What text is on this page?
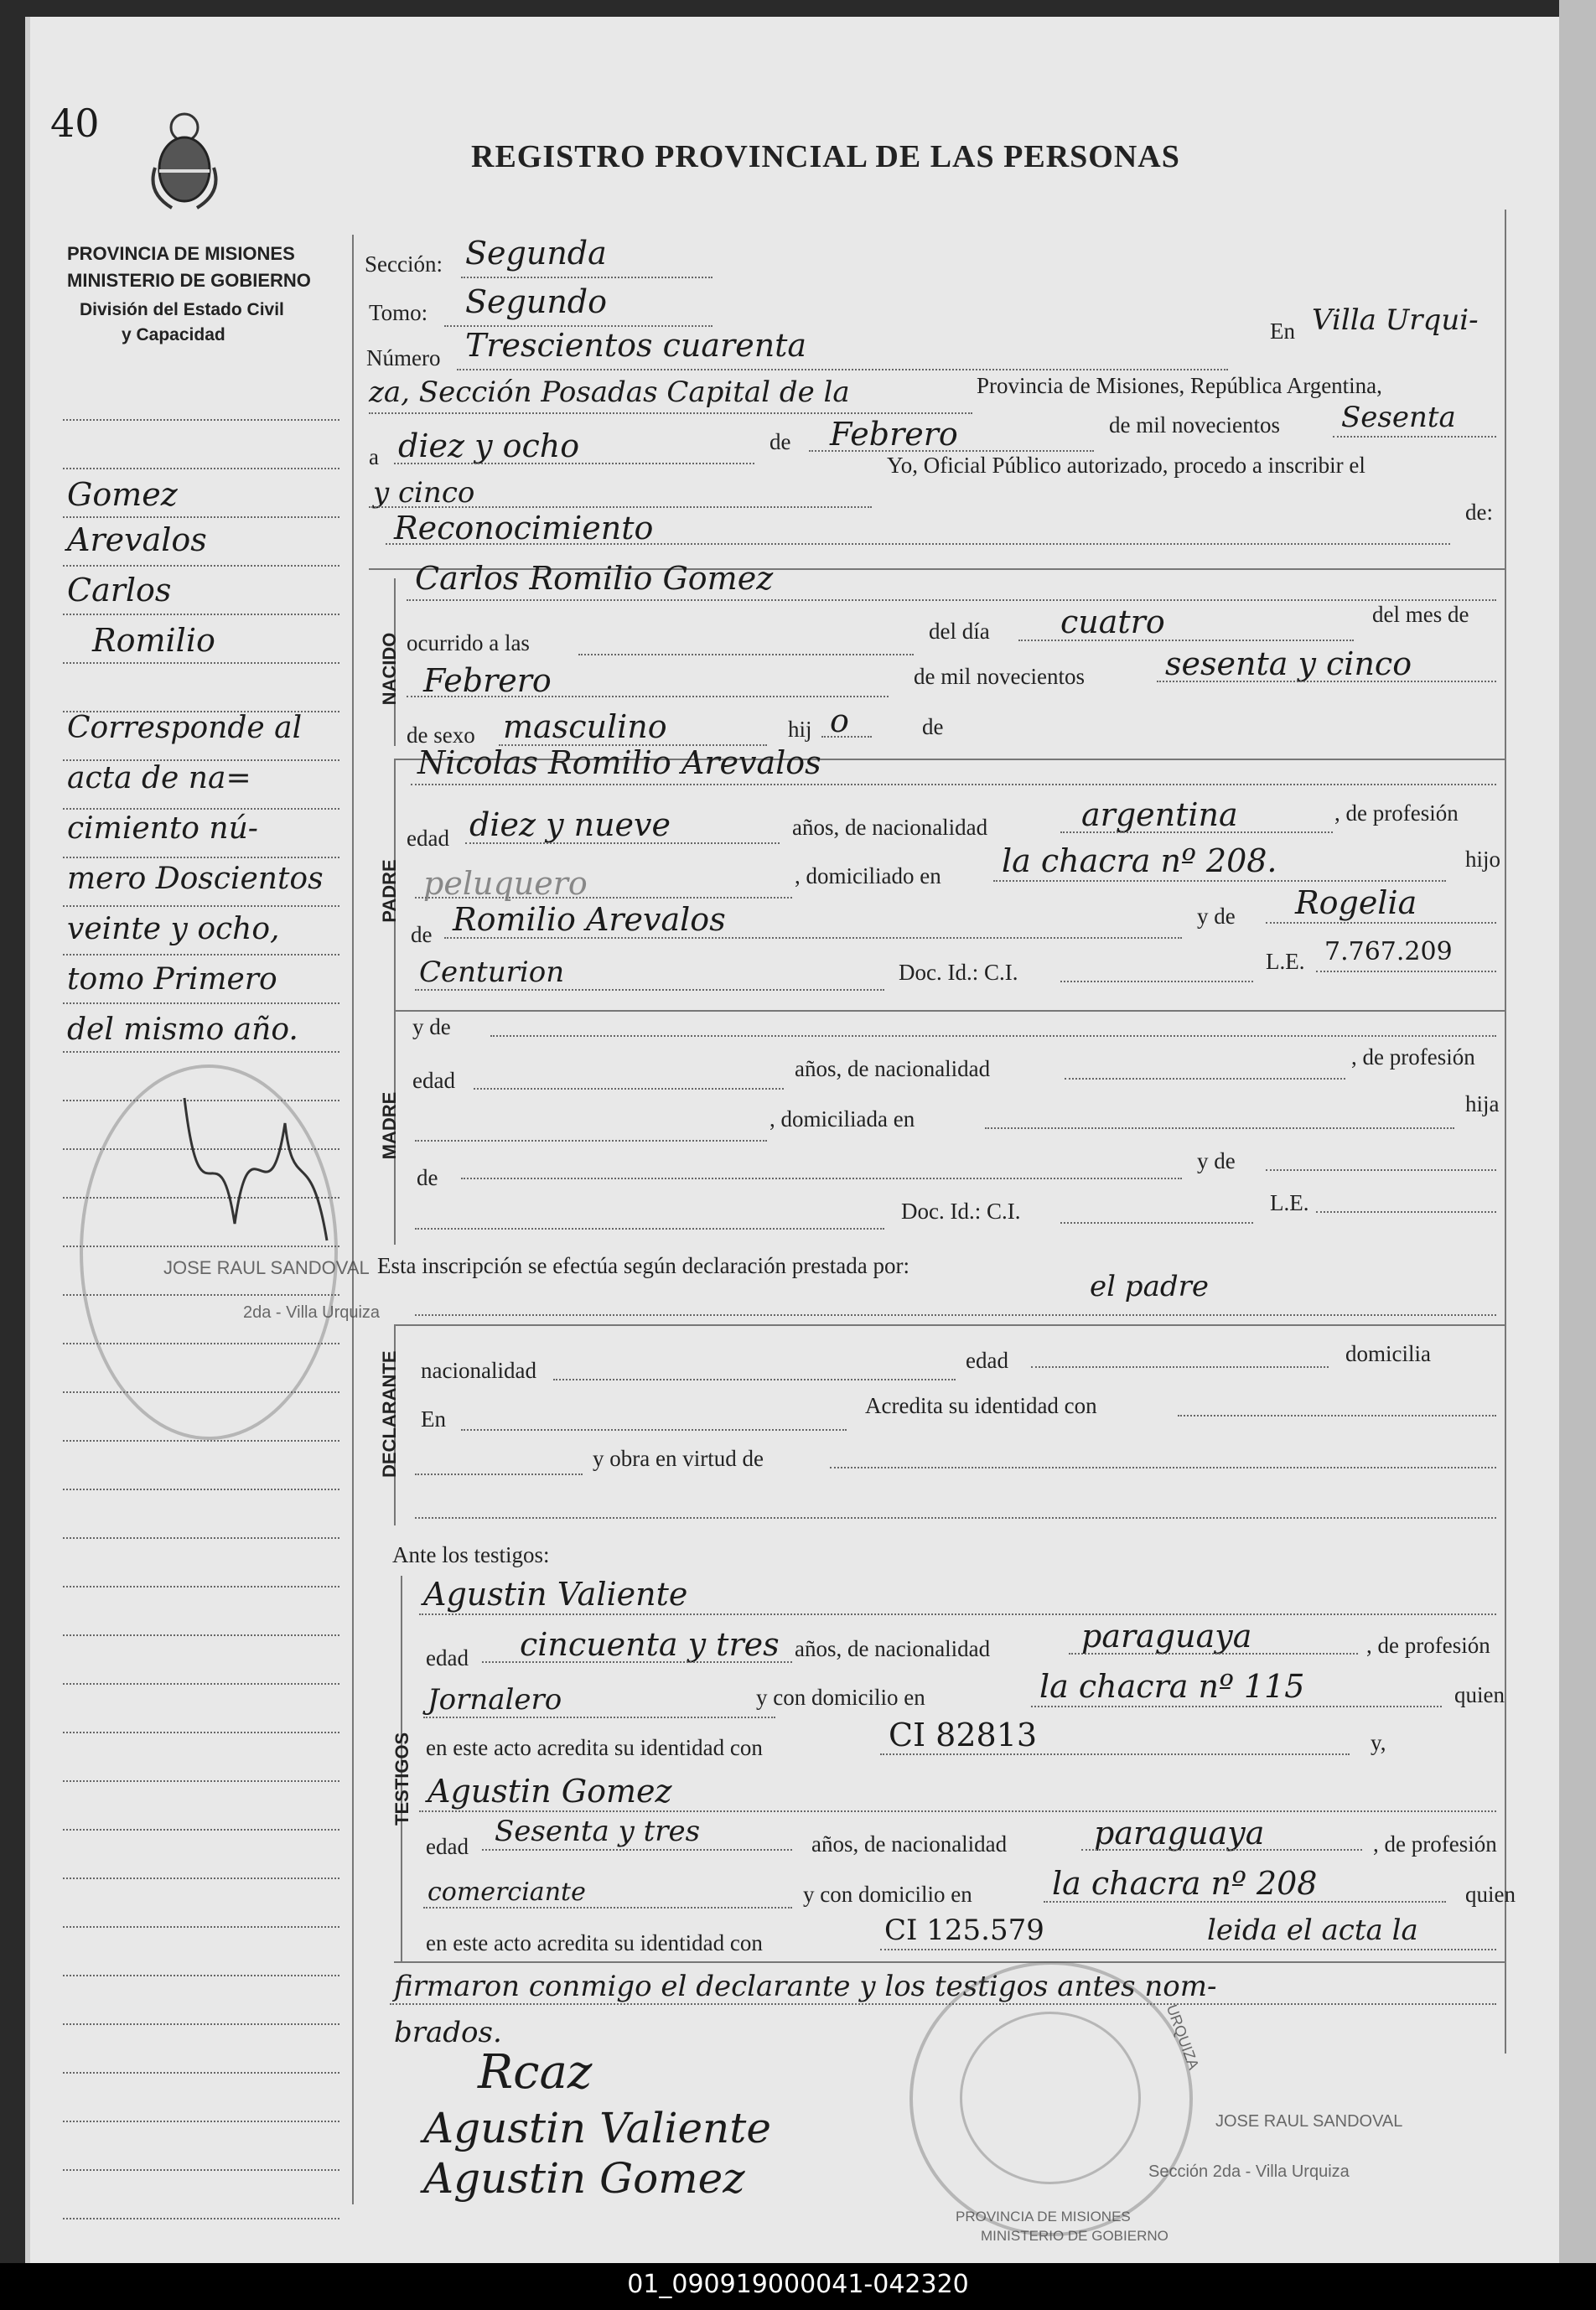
40
REGISTRO PROVINCIAL DE LAS PERSONAS
PROVINCIA DE MISIONES
MINISTERIO DE GOBIERNO
División del Estado Civil
y Capacidad
Gomez
Arevalos
Carlos
Romilio
Corresponde al
acta de na=
cimiento nú-
mero Doscientos
veinte y ocho,
tomo Primero
del mismo año.
JOSE RAUL SANDOVAL
2da - Villa Urquiza
Sección: Segunda
Tomo: Segundo
Número Trescientos cuarenta	En Villa Urqui-
za, Sección Posadas Capital de la	Provincia de Misiones, República Argentina,
a diez y ocho	de Febrero	de mil novecientos Sesenta
y cinco
Yo, Oficial Público autorizado, procedo a inscribir el
Reconocimiento	de:
NACIDO
Carlos Romilio Gomez
ocurrido a las	del día cuatro	del mes de
Febrero	de mil novecientos	sesenta y cinco
de sexo masculino	hij o	de
PADRE
Nicolas Romilio Arevalos
edad diez y nueve	años, de nacionalidad	argentina	, de profesión
peluquero	, domiciliado en la chacra nº 208.	hijo
de Romilio Arevalos	y de Rogelia
Centurion	Doc. Id.: C.I.	L.E. 7.767.209
MADRE
y de
edad	años, de nacionalidad	, de profesión
, domiciliada en
hija
de
y de
Doc. Id.: C.I.	L.E.
Esta inscripción se efectúa según declaración prestada por:
el padre
DECLARANTE nacionalidad	edad	domicilia
En
Acredita su identidad con
y obra en virtud de
Ante los testigos:
TESTIGOS
Agustin Valiente
edad cincuenta y tres años, de nacionalidad	paraguaya	, de profesión
Jornalero	y con domicilio en	la chacra nº 115	quien
en este acto acredita su identidad con	CI 82813	y,
Agustin Gomez
edad Sesenta y tres	años, de nacionalidad	paraguaya	, de profesión
comerciante	y con domicilio en	la chacra nº 208	quien
en este acto acredita su identidad con	CI 125.579	leida el acta la
firmaron conmigo el declarante y los testigos antes nom-
brados.
Rcaz
Agustin Valiente
Agustin Gomez
JOSE RAUL SANDOVAL
Sección 2da - Villa Urquiza
PROVINCIA DE MISIONES
MINISTERIO DE GOBIERNO
URQUIZA
01_090919000041-042320
